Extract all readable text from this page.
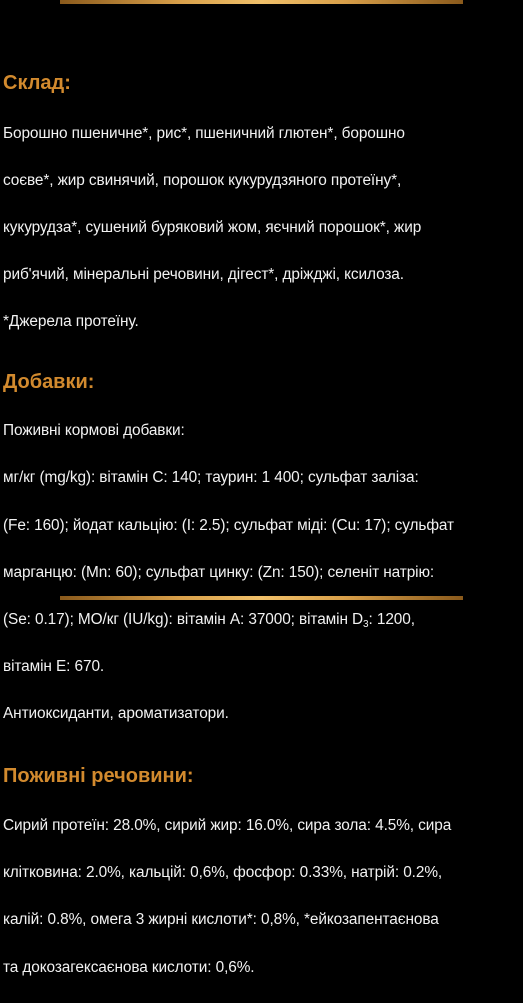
Склад:

Борошно пшеничне*, рис*, пшеничний глютен*, борошно

соєве*, жир свинячий, порошок кукурудзяного протеїну*,

кукурудза*, сушений буряковий жом, яєчний порошок*, жир

риб'ячий, мінеральні речовини, дігест*, дріжджі, ксилоза.

*Джерела протеїну.

Добавки:

Поживні кормові добавки:

мг/кг (mg/kg): вітамін С: 140; таурин: 1 400; сульфат заліза:

(Fe: 160); йодат кальцію: (I: 2.5); сульфат міді: (Cu: 17); сульфат

марганцю: (Mn: 60); сульфат цинку: (Zn: 150); селеніт натрію:

(Se: 0.17); МО/кг (IU/kg): вітамін А: 37000; вітамін $D_3$: 1200,

вітамін Е: 670.

Антиоксиданти, ароматизатори.

Поживні речовини:

Сирий протеїн: 28.0%, сирий жир: 16.0%, сира зола: 4.5%, сира

клітковина: 2.0%, кальцій: 0,6%, фосфор: 0.33%, натрій: 0.2%,

калій: 0.8%, омега 3 жирні кислоти*: 0,8%, *ейкозапентаєнова

та докозагексаєнова кислоти: 0,6%.
